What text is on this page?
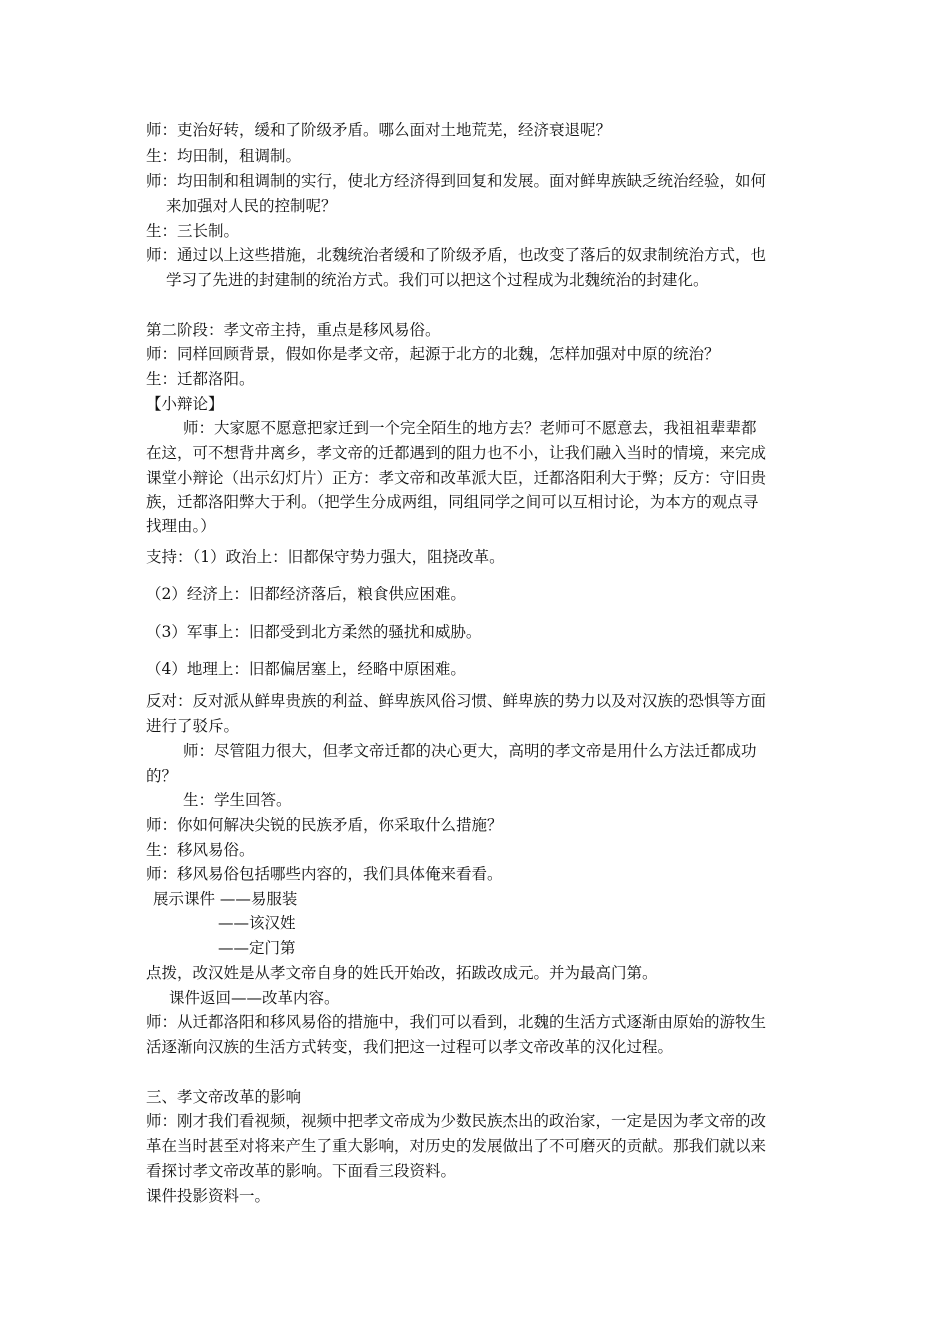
师：吏治好转，缓和了阶级矛盾。哪么面对土地荒芜，经济衰退呢？
生：均田制，租调制。
师：均田制和租调制的实行，使北方经济得到回复和发展。面对鲜卑族缺乏统治经验，如何
来加强对人民的控制呢？
生：三长制。
师：通过以上这些措施，北魏统治者缓和了阶级矛盾，也改变了落后的奴隶制统治方式，也
学习了先进的封建制的统治方式。我们可以把这个过程成为北魏统治的封建化。
第二阶段：孝文帝主持，重点是移风易俗。
师：同样回顾背景，假如你是孝文帝，起源于北方的北魏，怎样加强对中原的统治？
生：迁都洛阳。
【小辩论】
师：大家愿不愿意把家迁到一个完全陌生的地方去？老师可不愿意去，我祖祖辈辈都
在这，可不想背井离乡，孝文帝的迁都遇到的阻力也不小，让我们融入当时的情境，来完成
课堂小辩论（出示幻灯片）正方：孝文帝和改革派大臣，迁都洛阳利大于弊；反方：守旧贵
族，迁都洛阳弊大于利。（把学生分成两组，同组同学之间可以互相讨论，为本方的观点寻
找理由。）
支持：（1）政治上：旧都保守势力强大，阻挠改革。
（2）经济上：旧都经济落后，粮食供应困难。
（3）军事上：旧都受到北方柔然的骚扰和威胁。
（4）地理上：旧都偏居塞上，经略中原困难。
反对：反对派从鲜卑贵族的利益、鲜卑族风俗习惯、鲜卑族的势力以及对汉族的恐惧等方面
进行了驳斥。
师：尽管阻力很大，但孝文帝迁都的决心更大，高明的孝文帝是用什么方法迁都成功
的？
生：学生回答。
师：你如何解决尖锐的民族矛盾，你采取什么措施？
生：移风易俗。
师：移风易俗包括哪些内容的，我们具体俺来看看。
展示课件 ——易服装
——该汉姓
——定门第
点拨，改汉姓是从孝文帝自身的姓氏开始改，拓跋改成元。并为最高门第。
课件返回——改革内容。
师：从迁都洛阳和移风易俗的措施中，我们可以看到，北魏的生活方式逐渐由原始的游牧生
活逐渐向汉族的生活方式转变，我们把这一过程可以孝文帝改革的汉化过程。
三、孝文帝改革的影响
师：刚才我们看视频，视频中把孝文帝成为少数民族杰出的政治家，一定是因为孝文帝的改
革在当时甚至对将来产生了重大影响，对历史的发展做出了不可磨灭的贡献。那我们就以来
看探讨孝文帝改革的影响。下面看三段资料。
课件投影资料一。
